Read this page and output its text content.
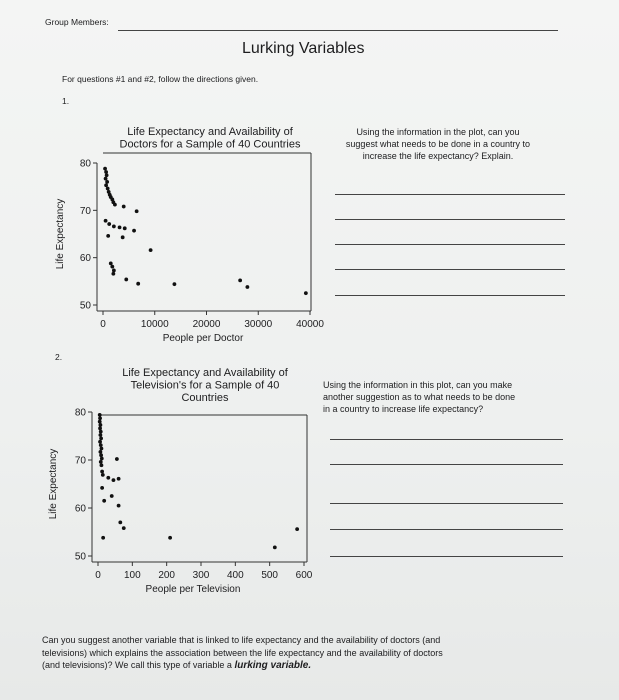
Group Members:
Lurking Variables
For questions #1 and #2, follow the directions given.
1.
2.
Life Expectancy and Availability of
Doctors for a Sample of 40 Countries
50
60
70
80
0	10000 20000 30000 40000
People per Doctor
Life Expectancy
Life Expectancy and Availability of
Television's for a Sample of 40
Countries
50
60
70
80
0 100 200 300 400 500 600
People per Television
Life Expectancy
Using the information in the plot, can you
suggest what needs to be done in a country to
increase the life expectancy? Explain.
Using the information in this plot, can you make
another suggestion as to what needs to be done
in a country to increase life expectancy?
Can you suggest another variable that is linked to life expectancy and the availability of doctors (and
televisions) which explains the association between the life expectancy and the availability of doctors
(and televisions)? We call this type of variable a lurking variable.
